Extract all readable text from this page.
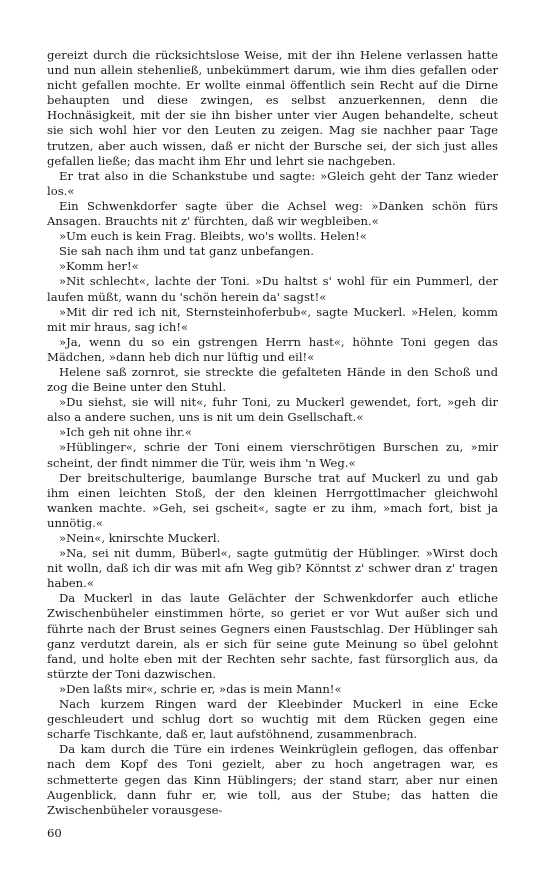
gereizt durch die rücksichtslose Weise, mit der ihn Helene verlassen hatte und nun allein stehenließ, unbekümmert darum, wie ihm dies gefallen oder nicht gefallen mochte. Er wollte einmal öffentlich sein Recht auf die Dirne behaupten und diese zwingen, es selbst anzuerkennen, denn die Hochnäsigkeit, mit der sie ihn bisher unter vier Augen behandelte, scheut sie sich wohl hier vor den Leuten zu zeigen. Mag sie nachher paar Tage trutzen, aber auch wissen, daß er nicht der Bursche sei, der sich just alles gefallen ließe; das macht ihm Ehr und lehrt sie nachgeben.

Er trat also in die Schankstube und sagte: »Gleich geht der Tanz wieder los.«

Ein Schwenkdorfer sagte über die Achsel weg: »Danken schön fürs Ansagen. Brauchts nit z' fürchten, daß wir wegbleiben.«

»Um euch is kein Frag. Bleibts, wo's wollts. Helen!«

Sie sah nach ihm und tat ganz unbefangen.

»Komm her!«

»Nit schlecht«, lachte der Toni. »Du haltst s' wohl für ein Pummerl, der laufen müßt, wann du 'schön herein da' sagst!«

»Mit dir red ich nit, Sternsteinhoferbub«, sagte Muckerl. »Helen, komm mit mir hraus, sag ich!«

»Ja, wenn du so ein gstrengen Herrn hast«, höhnte Toni gegen das Mädchen, »dann heb dich nur lüftig und eil!«

Helene saß zornrot, sie streckte die gefalteten Hände in den Schoß und zog die Beine unter den Stuhl.

»Du siehst, sie will nit«, fuhr Toni, zu Muckerl gewendet, fort, »geh dir also a andere suchen, uns is nit um dein Gsellschaft.«

»Ich geh nit ohne ihr.«

»Hüblinger«, schrie der Toni einem vierschrötigen Burschen zu, »mir scheint, der findt nimmer die Tür, weis ihm 'n Weg.«

Der breitschulterige, baumlange Bursche trat auf Muckerl zu und gab ihm einen leichten Stoß, der den kleinen Herrgottlmacher gleichwohl wanken machte. »Geh, sei gscheit«, sagte er zu ihm, »mach fort, bist ja unnötig.«

»Nein«, knirschte Muckerl.

»Na, sei nit dumm, Büberl«, sagte gutmütig der Hüblinger. »Wirst doch nit wolln, daß ich dir was mit afn Weg gib? Könntst z' schwer dran z' tragen haben.«

Da Muckerl in das laute Gelächter der Schwenkdorfer auch etliche Zwischenbüheler einstimmen hörte, so geriet er vor Wut außer sich und führte nach der Brust seines Gegners einen Faustschlag. Der Hüblinger sah ganz verdutzt darein, als er sich für seine gute Meinung so übel gelohnt fand, und holte eben mit der Rechten sehr sachte, fast fürsorglich aus, da stürzte der Toni dazwischen.

»Den laßts mir«, schrie er, »das is mein Mann!«

Nach kurzem Ringen ward der Kleebinder Muckerl in eine Ecke geschleudert und schlug dort so wuchtig mit dem Rücken gegen eine scharfe Tischkante, daß er, laut aufstöhnend, zusammenbrach.

Da kam durch die Türe ein irdenes Weinkrüglein geflogen, das offenbar nach dem Kopf des Toni gezielt, aber zu hoch angetragen war, es schmetterte gegen das Kinn Hüblingers; der stand starr, aber nur einen Augenblick, dann fuhr er, wie toll, aus der Stube; das hatten die Zwischenbüheler vorausgese-

60
